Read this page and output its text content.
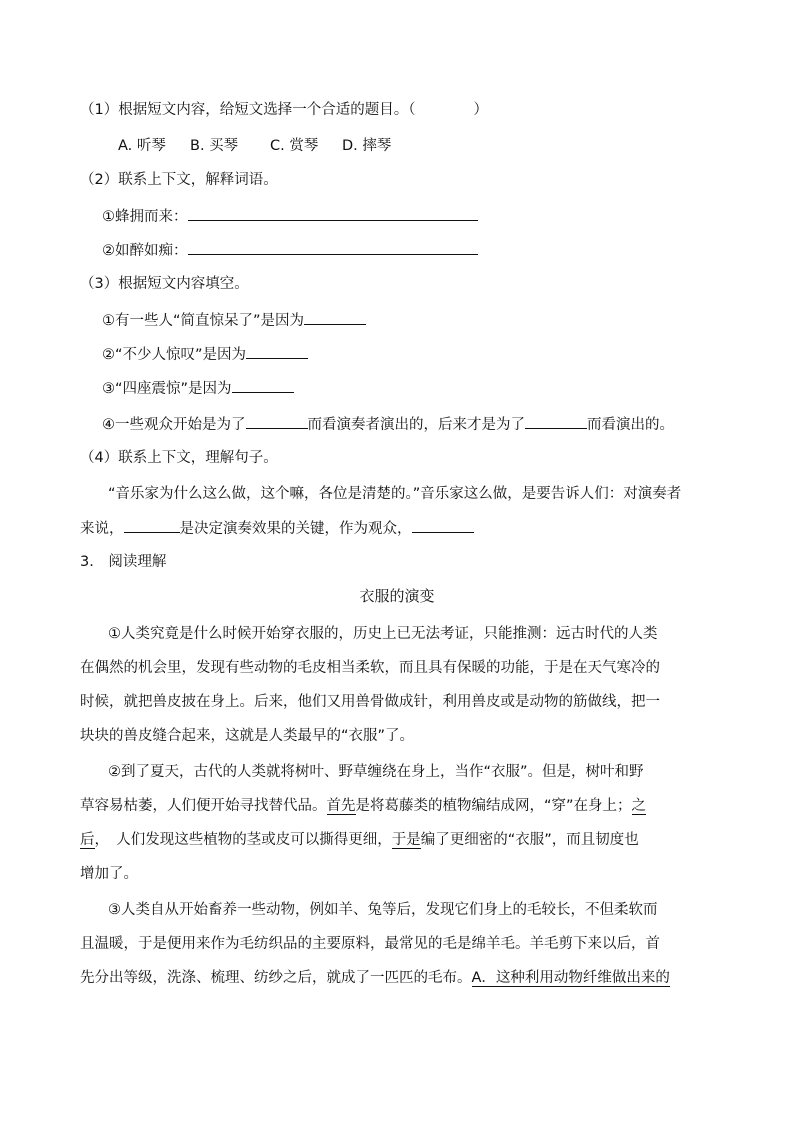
（1）根据短文内容，给短文选择一个合适的题目。（　　　　）
A. 听琴 B. 买琴 C. 赏琴 D. 摔琴
（2）联系上下文，解释词语。
①蜂拥而来：
②如醉如痴：
（3）根据短文内容填空。
①有一些人“简直惊呆了”是因为
②“不少人惊叹”是因为
③“四座震惊”是因为
④一些观众开始是为了	而看演奏者演出的，后来才是为了	而看演出的。
（4）联系上下文，理解句子。
“音乐家为什么这么做，这个嘛，各位是清楚的。”音乐家这么做，是要告诉人们：对演奏者
来说，	是决定演奏效果的关键，作为观众，
3.　阅读理解
衣服的演变
①人类究竟是什么时候开始穿衣服的，历史上已无法考证，只能推测：远古时代的人类
在偶然的机会里，发现有些动物的毛皮相当柔软，而且具有保暖的功能，于是在天气寒冷的
时候，就把兽皮披在身上。后来，他们又用兽骨做成针，利用兽皮或是动物的筋做线，把一
块块的兽皮缝合起来，这就是人类最早的“衣服”了。
②到了夏天，古代的人类就将树叶、野草缠绕在身上，当作“衣服”。但是，树叶和野
草容易枯萎，人们便开始寻找替代品。首先是将葛藤类的植物编结成网，“穿”在身上；之
后，　人们发现这些植物的茎或皮可以撕得更细，于是编了更细密的“衣服”，而且韧度也
增加了。
③人类自从开始畜养一些动物，例如羊、兔等后，发现它们身上的毛较长，不但柔软而
且温暖，于是便用来作为毛纺织品的主要原料，最常见的毛是绵羊毛。羊毛剪下来以后，首
先分出等级，洗涤、梳理、纺纱之后，就成了一匹匹的毛布。A．这种利用动物纤维做出来的
